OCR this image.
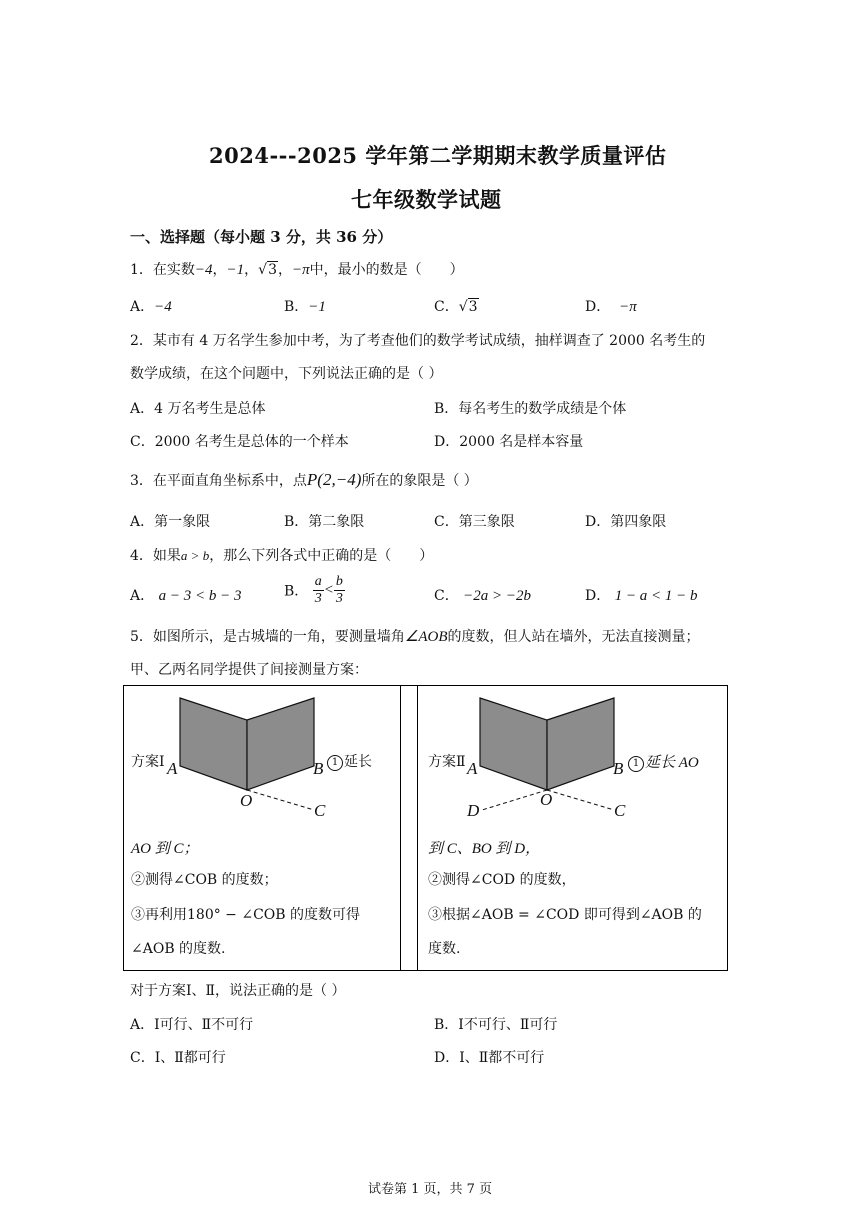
2024---2025 学年第二学期期末教学质量评估
七年级数学试题
一、选择题（每小题 3 分，共 36 分）
1．在实数−4，−1，√3，−π中，最小的数是（　　）
A．−4	B．−1	C．√3	D． −π
2．某市有 4 万名学生参加中考，为了考查他们的数学考试成绩，抽样调查了 2000 名考生的
数学成绩，在这个问题中，下列说法正确的是（ ）
A．4 万名考生是总体	B．每名考生的数学成绩是个体
C．2000 名考生是总体的一个样本	D．2000 名是样本容量
3．在平面直角坐标系中，点P(2,−4)所在的象限是（ ）
A．第一象限	B．第二象限	C．第三象限	D．第四象限
4．如果a > b，那么下列各式中正确的是（　　）
A． a − 3 < b − 3	B． $\frac{a}{3} < \frac{b}{3}$	C． −2a > −2b	D． 1 − a < 1 − b
5．如图所示，是古城墙的一角，要测量墙角∠AOB的度数，但人站在墙外，无法直接测量；
甲、乙两名同学提供了间接测量方案：
A	B
O
C
方案Ⅰ	1 延长
AO 到 C；
②测得∠COB 的度数；
③再利用180° − ∠COB 的度数可得
∠AOB 的度数.
A	B
O
C
D
方案Ⅱ	1 延长 AO
到 C、BO 到 D，
②测得∠COD 的度数，
③根据∠AOB = ∠COD 即可得到∠AOB 的
度数.
对于方案Ⅰ、Ⅱ，说法正确的是（ ）
A．Ⅰ可行、Ⅱ不可行	B．Ⅰ不可行、Ⅱ可行
C．Ⅰ、Ⅱ都可行	D．Ⅰ、Ⅱ都不可行
试卷第 1 页，共 7 页
